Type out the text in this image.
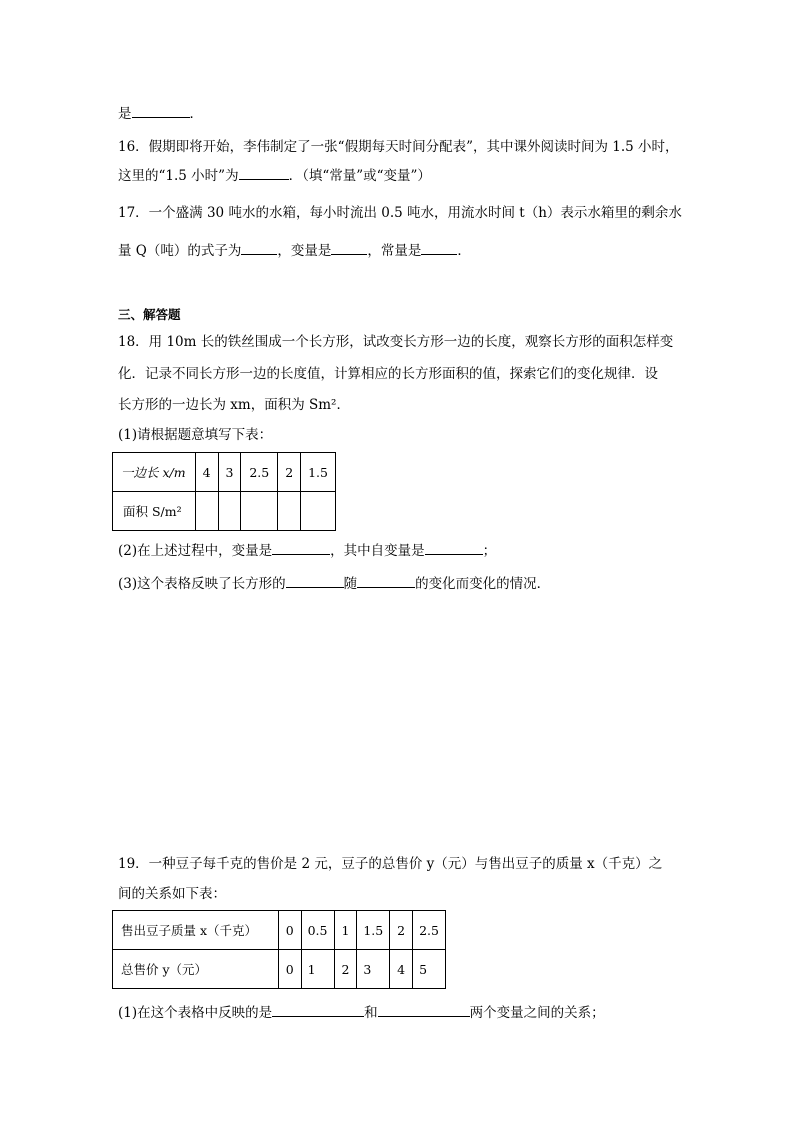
是	．
16．假期即将开始，李伟制定了一张“假期每天时间分配表”，其中课外阅读时间为 1.5 小时，
这里的“1.5 小时”为	．（填“常量”或“变量”）
17．一个盛满 30 吨水的水箱，每小时流出 0.5 吨水，用流水时间 t（h）表示水箱里的剩余水
量 Q（吨）的式子为	，变量是	，常量是	．
三、解答题
18．用 10m 长的铁丝围成一个长方形，试改变长方形一边的长度，观察长方形的面积怎样变
化．记录不同长方形一边的长度值，计算相应的长方形面积的值，探索它们的变化规律．设
长方形的一边长为 xm，面积为 Sm²．
(1)请根据题意填写下表：
一边长 x/m	4	3	2.5	2	1.5
面积 S/m²					
(2)在上述过程中，变量是	，其中自变量是	；
(3)这个表格反映了长方形的	随	的变化而变化的情况．
19．一种豆子每千克的售价是 2 元，豆子的总售价 y（元）与售出豆子的质量 x（千克）之
间的关系如下表：
售出豆子质量 x（千克）	0	0.5	1	1.5	2	2.5
总售价 y（元）	0	1	2	3	4	5
(1)在这个表格中反映的是	和	两个变量之间的关系；
